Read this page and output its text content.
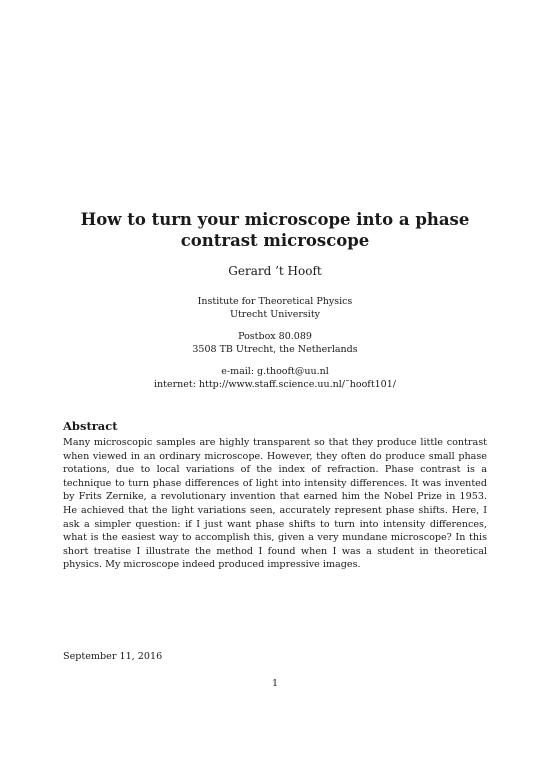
How to turn your microscope into a phase contrast microscope

Gerard ’t Hooft

Institute for Theoretical Physics
Utrecht University

Postbox 80.089
3508 TB Utrecht, the Netherlands

e-mail: g.thooft@uu.nl
internet: http://www.staff.science.uu.nl/˜hooft101/

Abstract

Many microscopic samples are highly transparent so that they produce little contrast when viewed in an ordinary microscope. However, they often do produce small phase rotations, due to local variations of the index of refraction. Phase contrast is a technique to turn phase differences of light into intensity differences. It was invented by Frits Zernike, a revolutionary invention that earned him the Nobel Prize in 1953. He achieved that the light variations seen, accurately represent phase shifts. Here, I ask a simpler question: if I just want phase shifts to turn into intensity differences, what is the easiest way to accomplish this, given a very mundane microscope? In this short treatise I illustrate the method I found when I was a student in theoretical physics. My microscope indeed produced impressive images.

September 11, 2016

1
